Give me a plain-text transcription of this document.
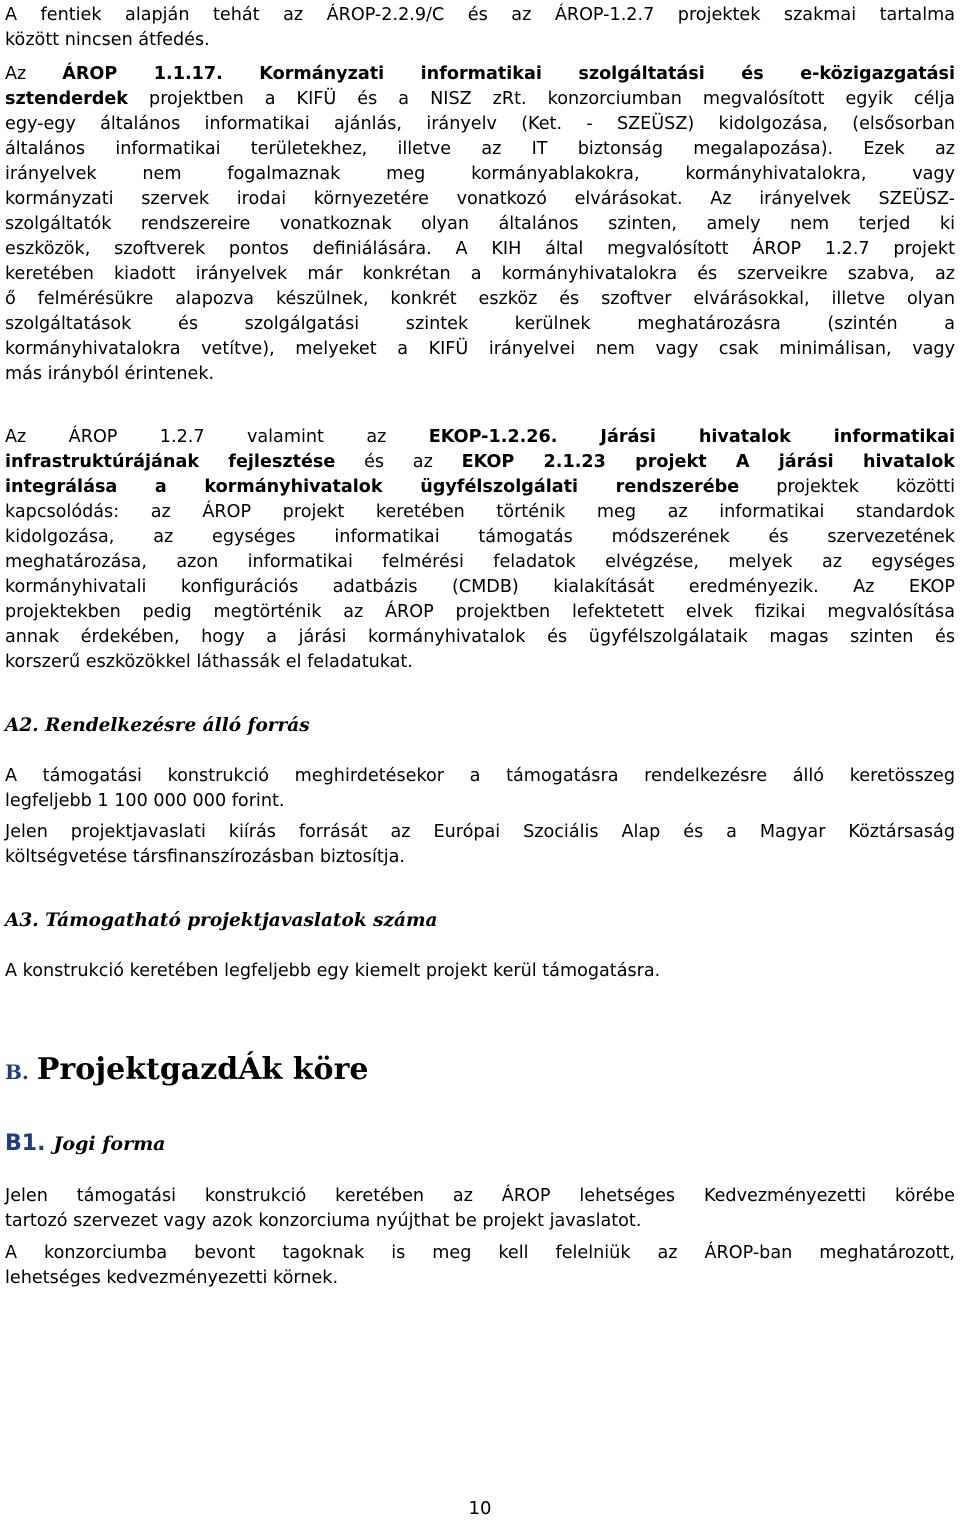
A fentiek alapján tehát az ÁROP-2.2.9/C és az ÁROP-1.2.7 projektek szakmai tartalma
között nincsen átfedés.
Az ÁROP 1.1.17. Kormányzati informatikai szolgáltatási és e-közigazgatási
sztenderdek projektben a KIFÜ és a NISZ zRt. konzorciumban megvalósított egyik célja
egy-egy általános informatikai ajánlás, irányelv (Ket. - SZEÜSZ) kidolgozása, (elsősorban
általános informatikai területekhez, illetve az IT biztonság megalapozása). Ezek az
irányelvek nem fogalmaznak meg kormányablakokra, kormányhivatalokra, vagy
kormányzati szervek irodai környezetére vonatkozó elvárásokat. Az irányelvek SZEÜSZ-
szolgáltatók rendszereire vonatkoznak olyan általános szinten, amely nem terjed ki
eszközök, szoftverek pontos definiálására. A KIH által megvalósított ÁROP 1.2.7 projekt
keretében kiadott irányelvek már konkrétan a kormányhivatalokra és szerveikre szabva, az
ő felmérésükre alapozva készülnek, konkrét eszköz és szoftver elvárásokkal, illetve olyan
szolgáltatások és szolgálgatási szintek kerülnek meghatározásra (szintén a
kormányhivatalokra vetítve), melyeket a KIFÜ irányelvei nem vagy csak minimálisan, vagy
más irányból érintenek.
Az ÁROP 1.2.7 valamint az EKOP-1.2.26. Járási hivatalok informatikai
infrastruktúrájának fejlesztése és az EKOP 2.1.23 projekt A járási hivatalok
integrálása a kormányhivatalok ügyfélszolgálati rendszerébe projektek közötti
kapcsolódás: az ÁROP projekt keretében történik meg az informatikai standardok
kidolgozása, az egységes informatikai támogatás módszerének és szervezetének
meghatározása, azon informatikai felmérési feladatok elvégzése, melyek az egységes
kormányhivatali konfigurációs adatbázis (CMDB) kialakítását eredményezik. Az EKOP
projektekben pedig megtörténik az ÁROP projektben lefektetett elvek fizikai megvalósítása
annak érdekében, hogy a járási kormányhivatalok és ügyfélszolgálataik magas szinten és
korszerű eszközökkel láthassák el feladatukat.
A2. Rendelkezésre álló forrás
A támogatási konstrukció meghirdetésekor a támogatásra rendelkezésre álló keretösszeg
legfeljebb 1 100 000 000 forint.
Jelen projektjavaslati kiírás forrását az Európai Szociális Alap és a Magyar Köztársaság
költségvetése társfinanszírozásban biztosítja.
A3. Támogatható projektjavaslatok száma
A konstrukció keretében legfeljebb egy kiemelt projekt kerül támogatásra.
B. ProjektgazdÁk köre
B1. Jogi forma
Jelen támogatási konstrukció keretében az ÁROP lehetséges Kedvezményezetti körébe
tartozó szervezet vagy azok konzorciuma nyújthat be projekt javaslatot.
A konzorciumba bevont tagoknak is meg kell felelniük az ÁROP-ban meghatározott,
lehetséges kedvezményezetti körnek.
10
